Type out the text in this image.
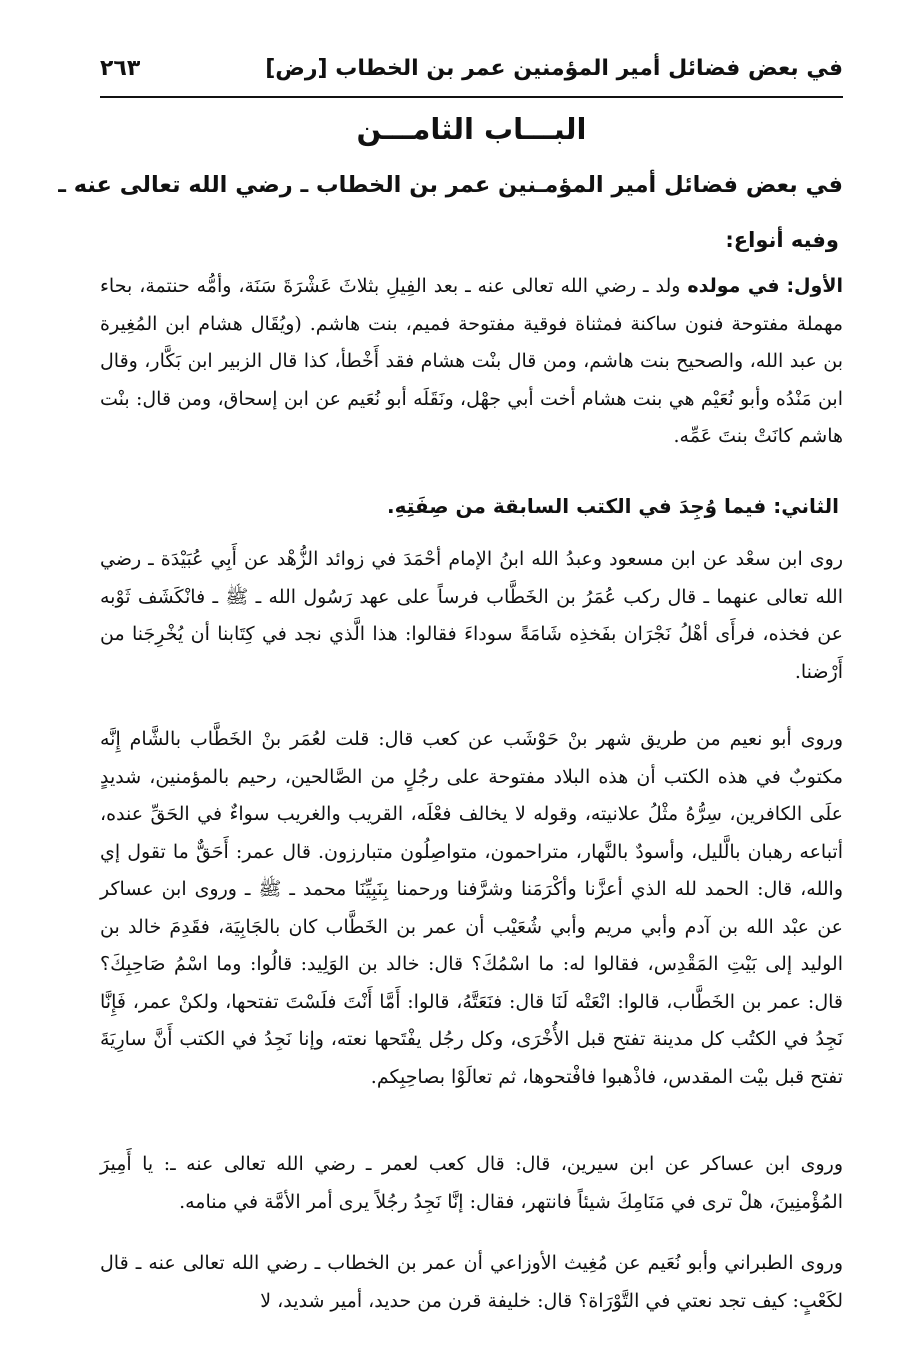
في بعض فضائل أمير المؤمنين عمر بن الخطاب [رض]
٢٦٣
البـــاب الثامـــن
في بعض فضائل أمير المؤمـنين عمر بن الخطاب ـ رضي الله تعالى عنه ـ
وفيه أنواع:

الأول: في مولده ولد ـ رضي الله تعالى عنه ـ بعد الفِيلِ بثلاثَ عَشْرَةَ سَنَة، وأمُّه حنتمة، بحاء مهملة مفتوحة فنون ساكنة فمثناة فوقية مفتوحة فميم، بنت هاشم. (ويُقَال هشام ابن المُغِيرة بن عبد الله، والصحيح بنت هاشم، ومن قال بنْت هشام فقد أَخْطأ، كذا قال الزبير ابن بَكَّار، وقال ابن مَنْدُه وأبو نُعَيْم هي بنت هشام أخت أبي جهْل، ونَقَلَه أبو نُعَيم عن ابن إسحاق، ومن قال: بنْت هاشم كانَتْ بنتَ عَمِّه.

الثاني: فيما وُجِدَ في الكتب السابقة من صِفَتِهِ.

روى ابن سعْد عن ابن مسعود وعبدُ الله ابنُ الإمام أحْمَدَ في زوائد الزُّهْد عن أَبِي عُبَيْدَة ـ رضي الله تعالى عنهما ـ قال ركب عُمَرُ بن الخَطَّاب فرساً على عهد رَسُول الله ـ ﷺ ـ فانْكَشَف ثَوْبه عن فخذه، فرأَى أهْلُ نَجْرَان بفَخذِه شَامَةً سوداءَ فقالوا: هذا الَّذي نجد في كِتَابنا أن يُخْرِجَنا من أَرْضنا.

وروى أبو نعيم من طريق شهر بنْ حَوْشَب عن كعب قال: قلت لعُمَر بنْ الخَطَّاب بالشَّام إِنَّه مكتوبٌ في هذه الكتب أن هذه البلاد مفتوحة على رجُلٍ من الصَّالحين، رحيم بالمؤمنين، شديدٍ علَى الكافرين، سِرُّهُ مثْلُ علانيته، وقوله لا يخالف فعْلَه، القريب والغريب سواءٌ في الحَقِّ عنده، أتباعه رهبان بالَّليل، وأسودٌ بالنَّهار، متراحمون، متواصِلُون متبارزون. قال عمر: أَحَقٌّ ما تقول إي والله، قال: الحمد لله الذي أعزَّنا وأكْرَمَنا وشرَّفنا ورحمنا بِنَبِيِّنَا محمد ـ ﷺ ـ وروى ابن عساكر عن عبْد الله بن آدم وأبي مريم وأبي شُعَيْب أن عمر بن الخَطَّاب كان بالجَابِيَة، فقَدِمَ خالد بن الوليد إلى بَيْتِ المَقْدِس، فقالوا له: ما اسْمُكَ؟ قال: خالد بن الوَلِيد: قالُوا: وما اسْمُ صَاحِبِكَ؟ قال: عمر بن الخَطَّاب، قالوا: انْعَتْه لَنَا قال: فنَعَتَّهُ، قالوا: أَمَّا أَنْتَ فلَسْتَ تفتحها، ولكنْ عمر، فَإِنَّا نَجِدُ في الكتُب كل مدينة تفتح قبل الأُخْرَى، وكل رجُل يفْتَحها نعته، وإنا نَجِدُ في الكتب أَنَّ سارِيَةَ تفتح قبل بيْت المقدس، فاذْهبوا فافْتحوها، ثم تعالَوْا بصاحِبِكم.

وروى ابن عساكر عن ابن سيرين، قال: قال كعب لعمر ـ رضي الله تعالى عنه ـ: يا أَمِيرَ المُؤْمنِينَ، هلْ ترى في مَنَامِكَ شيئاً فانتهر، فقال: إنَّا نَجِدُ رجُلاً يرى أمر الأمَّة في منامه.

وروى الطبراني وأبو نُعَيم عن مُغِيث الأوزاعي أن عمر بن الخطاب ـ رضي الله تعالى عنه ـ قال لكَعْبٍ: كيف تجد نعتي في التَّوْرَاة؟ قال: خليفة قرن من حديد، أمير شديد، لا
